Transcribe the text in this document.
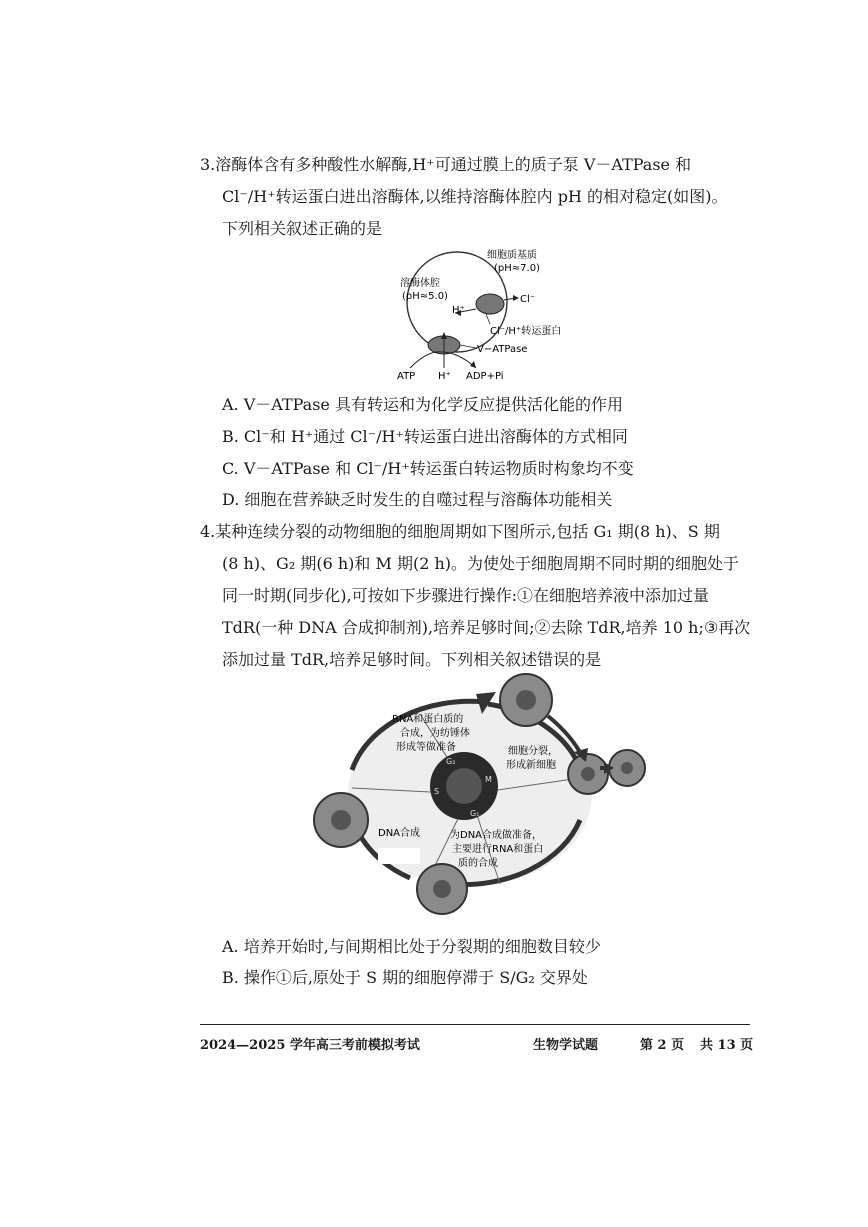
3.溶酶体含有多种酸性水解酶,H⁺可通过膜上的质子泵 V－ATPase 和
Cl⁻/H⁺转运蛋白进出溶酶体,以维持溶酶体腔内 pH 的相对稳定(如图)。
下列相关叙述正确的是
细胞质基质
(pH≈7.0)
溶酶体腔
(pH≈5.0)
H⁺
Cl⁻
Cl⁻/H⁺转运蛋白
V−ATPase
ATP H⁺ ADP+Pi
A. V－ATPase 具有转运和为化学反应提供活化能的作用
B. Cl⁻和 H⁺通过 Cl⁻/H⁺转运蛋白进出溶酶体的方式相同
C. V－ATPase 和 Cl⁻/H⁺转运蛋白转运物质时构象均不变
D. 细胞在营养缺乏时发生的自噬过程与溶酶体功能相关
4.某种连续分裂的动物细胞的细胞周期如下图所示,包括 G₁ 期(8 h)、S 期
(8 h)、G₂ 期(6 h)和 M 期(2 h)。为使处于细胞周期不同时期的细胞处于
同一时期(同步化),可按如下步骤进行操作:①在细胞培养液中添加过量
TdR(一种 DNA 合成抑制剂),培养足够时间;②去除 TdR,培养 10 h;③再次
添加过量 TdR,培养足够时间。下列相关叙述错误的是
M
G₂
S
G₁
RNA和蛋白质的
合成，为纺锤体
形成等做准备	细胞分裂，
形成新细胞
DNA合成	为DNA合成做准备，
主要进行RNA和蛋白
质的合成
A. 培养开始时,与间期相比处于分裂期的细胞数目较少
B. 操作①后,原处于 S 期的细胞停滞于 S/G₂ 交界处
2024—2025 学年高三考前模拟考试	生物学试题	第 2 页 共 13 页
